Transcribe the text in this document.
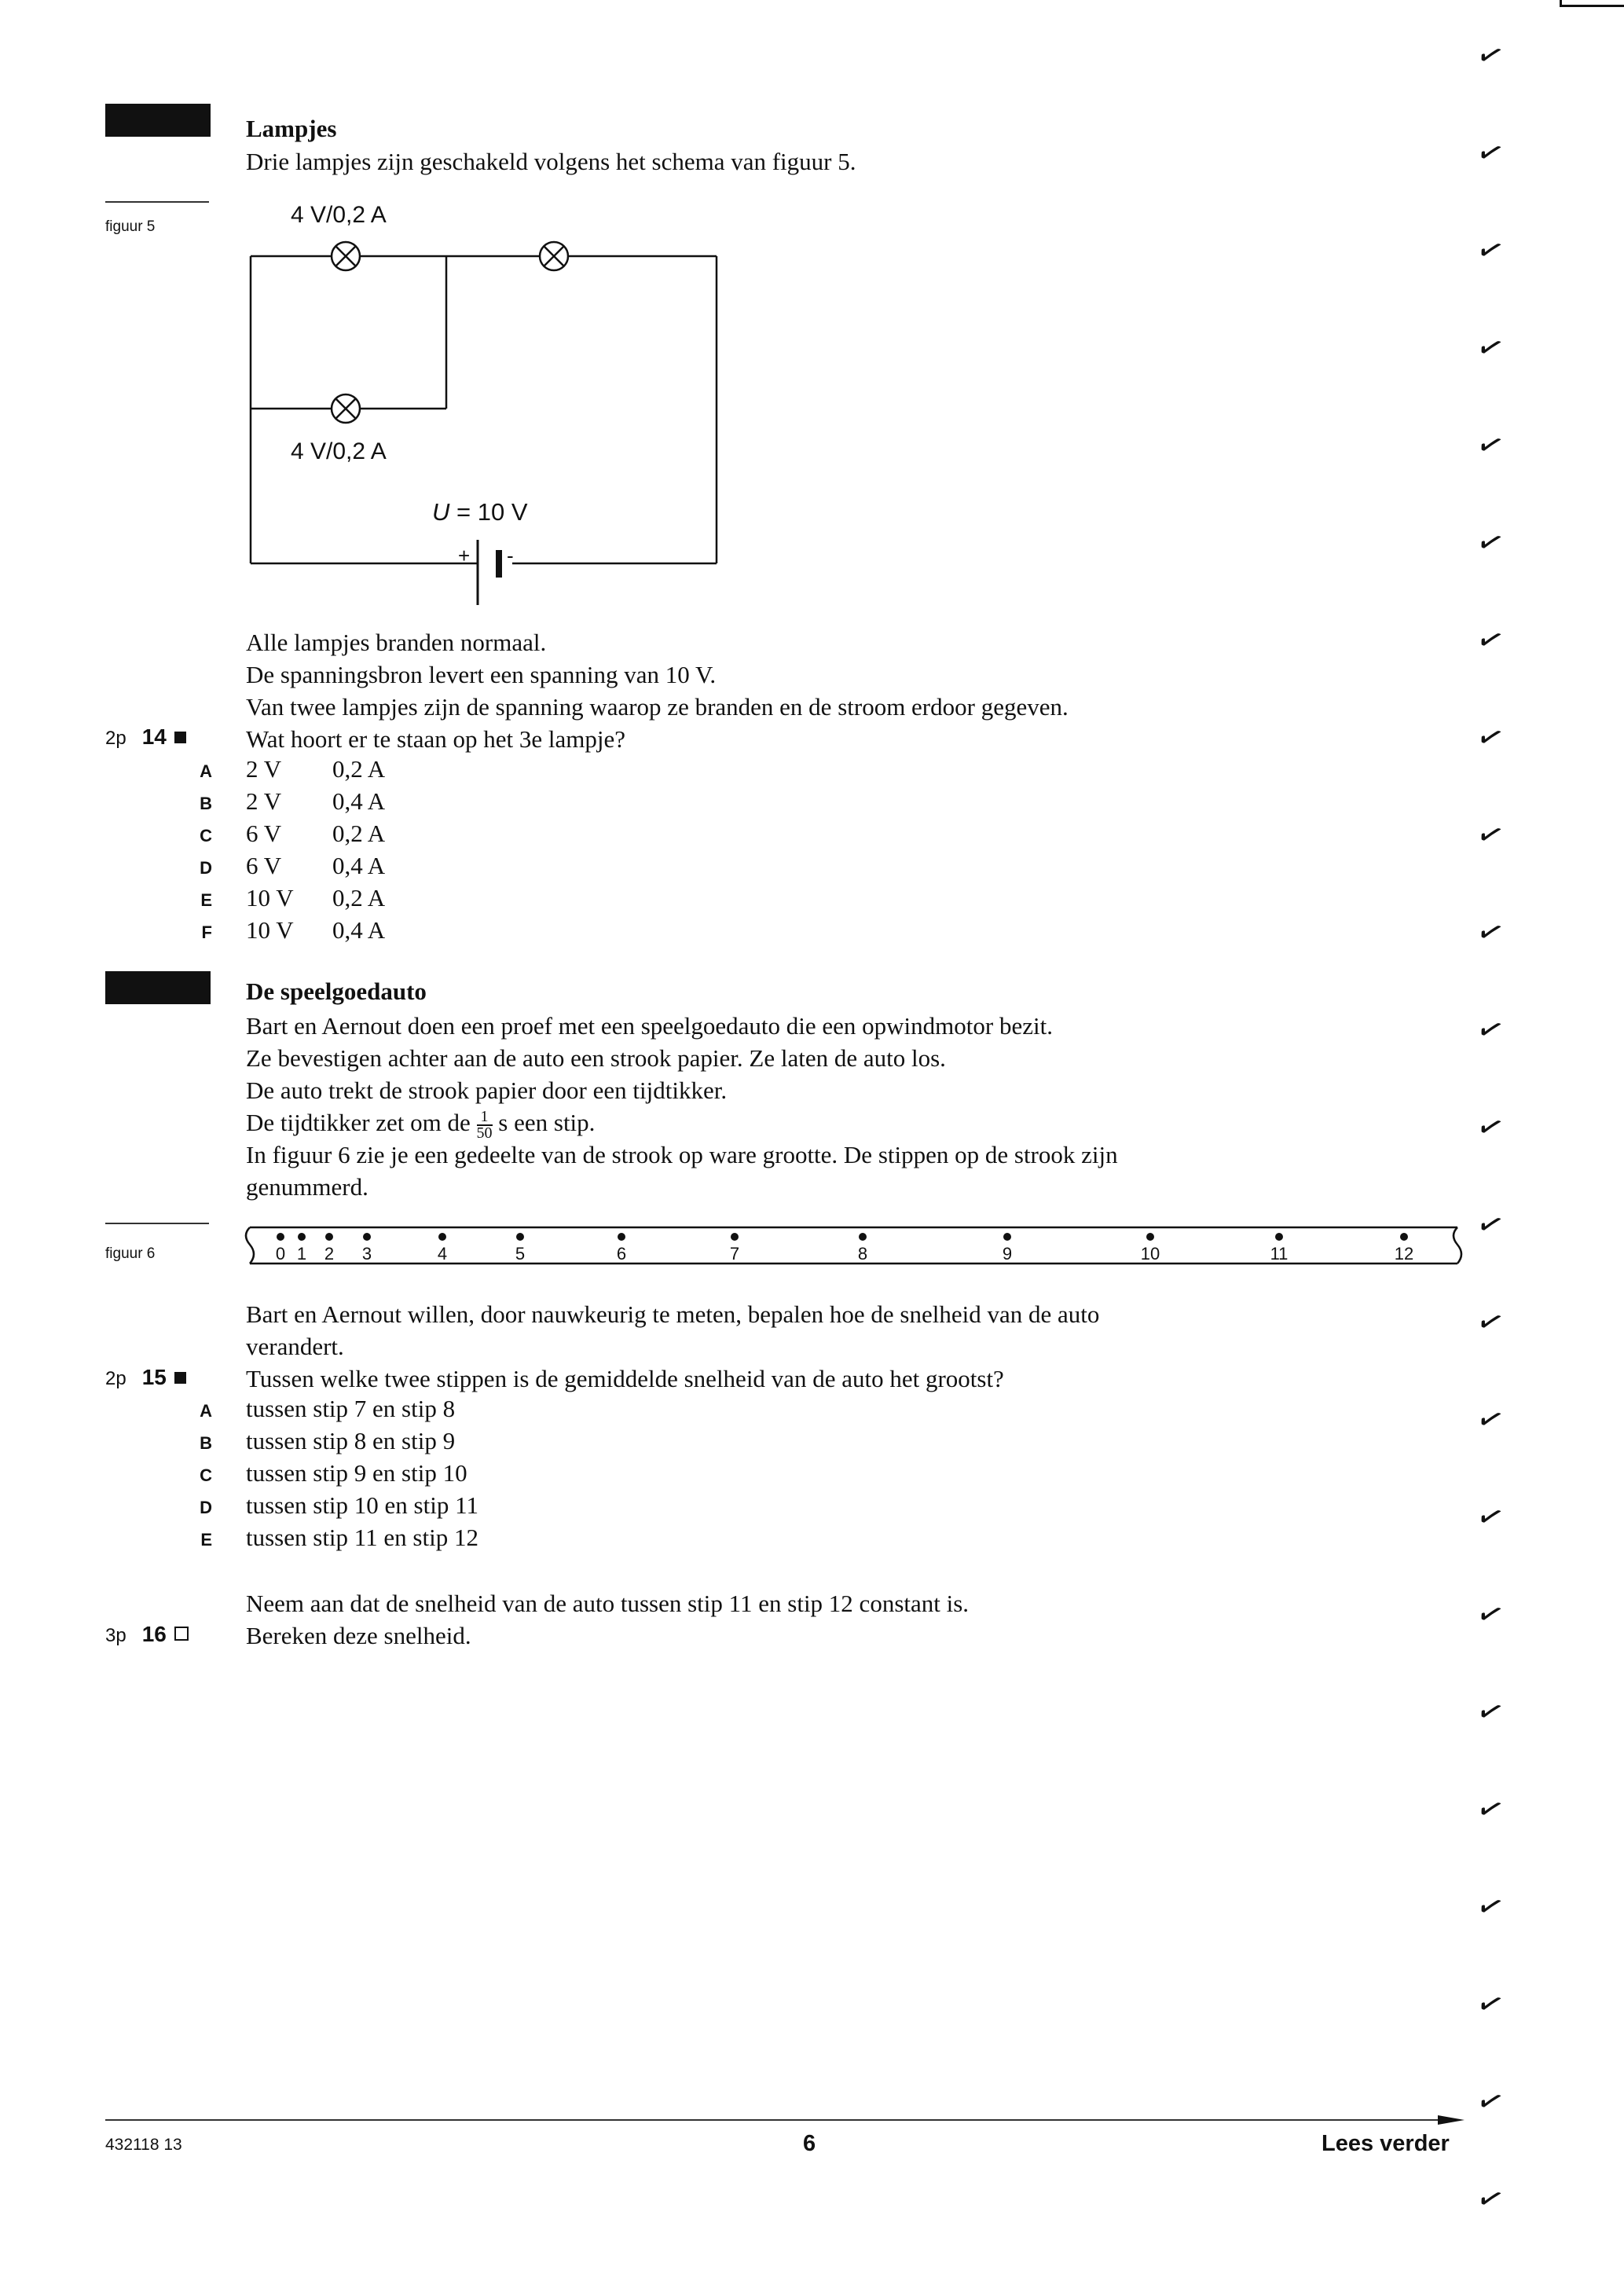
Lampjes
Drie lampjes zijn geschakeld volgens het schema van figuur 5.
figuur 5	4 V/0,2 A
4 V/0,2 A
U = 10 V
+ -
Alle lampjes branden normaal.
De spanningsbron levert een spanning van 10 V.
Van twee lampjes zijn de spanning waarop ze branden en de stroom erdoor gegeven.
2p 14	Wat hoort er te staan op het 3e lampje?
A 2 V 0,2 A
B 2 V 0,4 A
C 6 V 0,2 A
D 6 V 0,4 A
E 10 V 0,2 A
F 10 V 0,4 A
De speelgoedauto
Bart en Aernout doen een proef met een speelgoedauto die een opwindmotor bezit.
Ze bevestigen achter aan de auto een strook papier. Ze laten de auto los.
De auto trekt de strook papier door een tijdtikker.
De tijdtikker zet om de $\frac{1}{50}$ s een stip.
In figuur 6 zie je een gedeelte van de strook op ware grootte. De stippen op de strook zijn
genummerd.
figuur 6	0 1 2 3	4	5	6	7	8	9	10	11	12
Bart en Aernout willen, door nauwkeurig te meten, bepalen hoe de snelheid van de auto
verandert.
2p 15	Tussen welke twee stippen is de gemiddelde snelheid van de auto het grootst?
A tussen stip 7 en stip 8
B tussen stip 8 en stip 9
C tussen stip 9 en stip 10
D tussen stip 10 en stip 11
E tussen stip 11 en stip 12
Neem aan dat de snelheid van de auto tussen stip 11 en stip 12 constant is.
3p 16	Bereken deze snelheid.
432118 13	6	Lees verder
✓
✓
✓
✓
✓
✓
✓
✓
✓
✓
✓
✓
✓
✓
✓
✓
✓
✓
✓
✓
✓
✓
✓
